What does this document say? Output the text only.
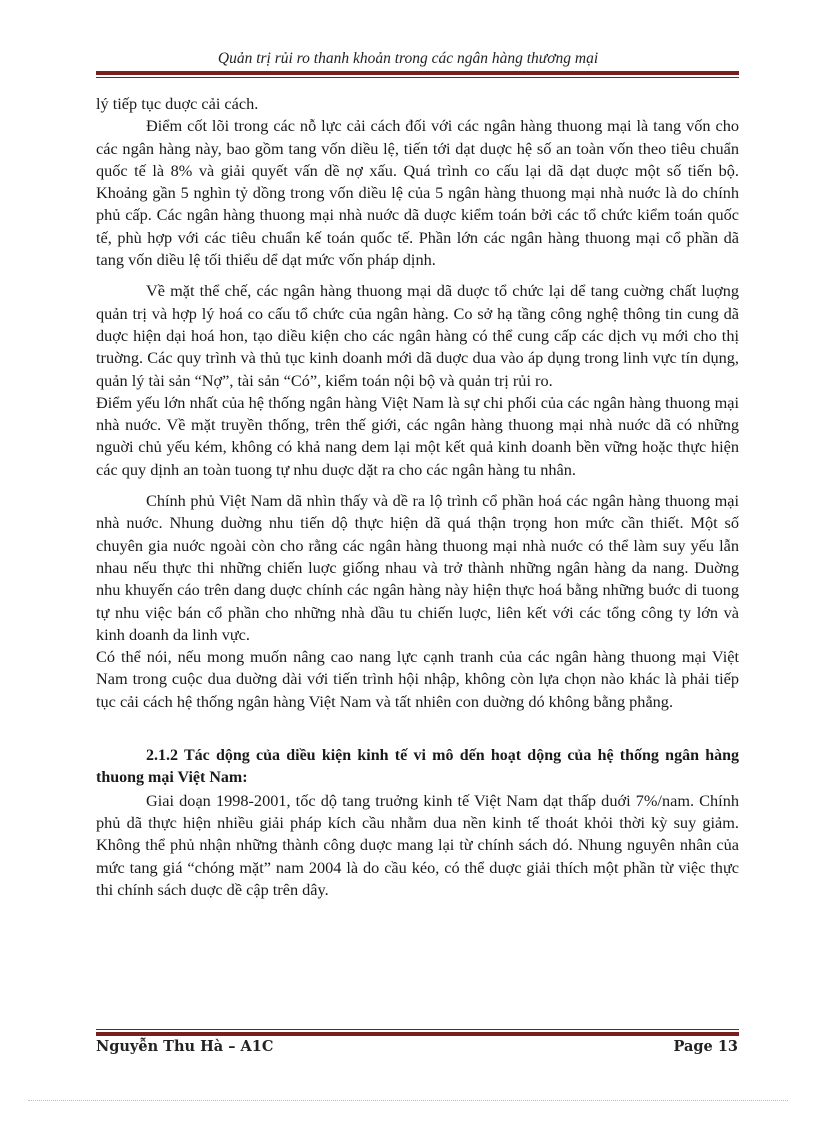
Quản trị rủi ro thanh khoản trong các ngân hàng thương mại

lý tiếp tục duợc cải cách.

Điểm cốt lõi trong các nỗ lực cải cách đối với các ngân hàng thuong mại là tang vốn cho các ngân hàng này, bao gồm tang vốn diều lệ, tiến tới dạt duợc hệ số an toàn vốn theo tiêu chuẩn quốc tế là 8% và giải quyết vấn dề nợ xấu. Quá trình co cấu lại dã dạt duợc một số tiến bộ. Khoảng gần 5 nghìn tỷ dồng trong vốn diều lệ của 5 ngân hàng thuong mại nhà nuớc là do chính phủ cấp. Các ngân hàng thuong mại nhà nuớc dã duợc kiểm toán bởi các tổ chức kiểm toán quốc tế, phù hợp với các tiêu chuẩn kế toán quốc tế. Phần lớn các ngân hàng thuong mại cổ phần dã tang vốn diều lệ tối thiểu dể dạt mức vốn pháp dịnh.

Về mặt thể chế, các ngân hàng thuong mại dã duợc tổ chức lại dể tang cuờng chất luợng quản trị và hợp lý hoá co cấu tổ chức của ngân hàng. Co sở hạ tầng công nghệ thông tin cung dã duợc hiện dại hoá hon, tạo diều kiện cho các ngân hàng có thể cung cấp các dịch vụ mới cho thị truờng. Các quy trình và thủ tục kinh doanh mới dã duợc dua vào áp dụng trong linh vực tín dụng, quản lý tài sản “Nợ”, tài sản “Có”, kiểm toán nội bộ và quản trị rủi ro.

Điểm yếu lớn nhất của hệ thống ngân hàng Việt Nam là sự chi phối của các ngân hàng thuong mại nhà nuớc. Về mặt truyền thống, trên thế giới, các ngân hàng thuong mại nhà nuớc dã có những nguời chủ yếu kém, không có khả nang dem lại một kết quả kinh doanh bền vững hoặc thực hiện các quy dịnh an toàn tuong tự nhu duợc dặt ra cho các ngân hàng tu nhân.

Chính phủ Việt Nam dã nhìn thấy và dề ra lộ trình cổ phần hoá các ngân hàng thuong mại nhà nuớc. Nhung duờng nhu tiến dộ thực hiện dã quá thận trọng hon mức cần thiết. Một số chuyên gia nuớc ngoài còn cho rằng các ngân hàng thuong mại nhà nuớc có thể làm suy yếu lẫn nhau nếu thực thi những chiến luợc giống nhau và trở thành những ngân hàng da nang. Duờng nhu khuyến cáo trên dang duợc chính các ngân hàng này hiện thực hoá bằng những buớc di tuong tự nhu việc bán cổ phần cho những nhà dầu tu chiến luợc, liên kết với các tổng công ty lớn và kinh doanh da linh vực.

Có thể nói, nếu mong muốn nâng cao nang lực cạnh tranh của các ngân hàng thuong mại Việt Nam trong cuộc dua duờng dài với tiến trình hội nhập, không còn lựa chọn nào khác là phải tiếp tục cải cách hệ thống ngân hàng Việt Nam và tất nhiên con duờng dó không bằng phẳng.

2.1.2 Tác dộng của diều kiện kinh tế vi mô dến hoạt dộng của hệ thống ngân hàng thuong mại Việt Nam:

Giai doạn 1998-2001, tốc dộ tang truởng kinh tế Việt Nam dạt thấp duới 7%/nam. Chính phủ dã thực hiện nhiều giải pháp kích cầu nhằm dua nền kinh tế thoát khỏi thời kỳ suy giảm. Không thể phủ nhận những thành công duợc mang lại từ chính sách dó. Nhung nguyên nhân của mức tang giá “chóng mặt” nam 2004 là do cầu kéo, có thể duợc giải thích một phần từ việc thực thi chính sách duợc dề cập trên dây.

Nguyễn Thu Hà – A1C	Page 13
